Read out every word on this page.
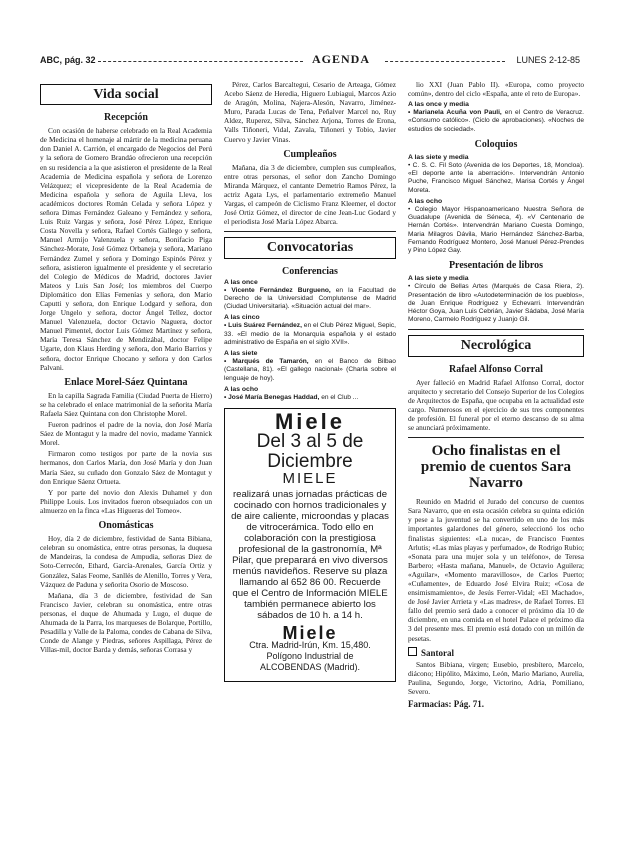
ABC, pág. 32	AGENDA	LUNES 2-12-85
Vida social
Recepción

Con ocasión de haberse celebrado en la Real Academia de Medicina el homenaje al mártir de la medicina peruana don Daniel A. Carrión, el encargado de Negocios del Perú y la señora de Gomero Brandáo ofrecieron una recepción en su residencia a la que asistieron el presidente de la Real Academia de Medicina española y señora de Lorenzo Velázquez; el vicepresidente de la Real Academia de Medicina española y señora de Aguila Lleva, los académicos doctores Román Celada y señora López y señora Dimas Fernández Galeano y Fernández y señora, Luis Ruiz Vargas y señora, José Pérez López, Enrique Costa Novella y señora, Rafael Cortés Gallego y señora, Manuel Armijo Valenzuela y señora, Bonifacio Piga Sánchez-Morate, José Gómez Orbaneja y señora, Mariano Fernández Zumel y señora y Domingo Espinós Pérez y señora, asistieron igualmente el presidente y el secretario del Colegio de Médicos de Madrid, doctores Javier Mateos y Luis San José; los miembros del Cuerpo Diplomático don Elías Femenías y señora, don Mario Caputti y señora, don Enrique Lodgard y señora, don Jorge Ungelo y señora, doctor Ángel Tellez, doctor Manuel Valenzuela, doctor Octavio Naguera, doctor Manuel Pimentel, doctor Luis Gómez Martínez y señora, María Teresa Sánchez de Mendizábal, doctor Felipe Ugarte, don Klaus Herding y señora, don Mario Barrios y señora, doctor Enrique Chocano y señora y don Carlos Palvani.

Enlace Morel-Sáez Quintana

En la capilla Sagrada Familia (Ciudad Puerta de Hierro) se ha celebrado el enlace matrimonial de la señorita María Rafaela Sáez Quintana con don Christophe Morel.

Fueron padrinos el padre de la novia, don José María Sáez de Montagut y la madre del novio, madame Yannick Morel.

Firmaron como testigos por parte de la novia sus hermanos, don Carlos María, don José María y don Juan María Sáez, su cuñado don Gonzalo Sáez de Montagut y don Enrique Sáenz Ortueta.

Y por parte del novio don Alexis Duhamel y don Philippe Louis. Los invitados fueron obsequiados con un almuerzo en la finca «Las Higueras del Tomeo».

Onomásticas

Hoy, día 2 de diciembre, festividad de Santa Bibiana, celebran su onomástica, entre otras personas, la duquesa de Mandeiras, la condesa de Ampudia, señoras Diez de Soto-Cerrecón, Ethard, García-Arenales, García Ortiz y González, Salas Feome, Sanllés de Alenillo, Torres y Vera, Vázquez de Paduna y señorita Osorio de Moscoso.

Mañana, día 3 de diciembre, festividad de San Francisco Javier, celebran su onomástica, entre otras personas, el duque de Ahumada y Lugo, el duque de Ahumada de la Parra, los marqueses de Bolarque, Portillo, Pesadilla y Valle de la Paloma, condes de Cabana de Silva, Conde de Alange y Piedras, señores Aspillaga, Pérez de Villas-mil, doctor Barda y demás, señoras Corrasa y

Pérez, Carlos Barcaltegui, Cesario de Arteaga, Gómez Acebo Sáenz de Heredia, Higuero Lubiagui, Marcos Azio de Aragón, Molina, Najera-Alesón, Navarro, Jiménez-Muro, Parada Lucas de Tena, Peñalver Marcel no, Ruy Aldez, Ruperez, Silva, Sánchez Arjona, Torres de Erona, Valls Tiñoneri, Vidal, Zavala, Tiñoneri y Tobio, Javier Cuervo y Javier Vinas.

Cumpleaños

Mañana, día 3 de diciembre, cumplen sus cumpleaños, entre otras personas, el señor don Zancho Domingo Miranda Márquez, el cantante Demetrio Ramos Pérez, la actriz Agata Lys, el parlamentario extremeño Manuel Vargas, el campeón de Ciclismo Franz Kleemer, el doctor José Ortiz Gómez, el director de cine Jean-Luc Godard y el periodista José María López Abarca.

Convocatorias
Conferencias
A las once
• Vicente Fernández Burgueno, en la Facultad de Derecho de la Universidad Complutense de Madrid (Ciudad Universitaria). «Situación actual del mar».
A las cinco
• Luis Suárez Fernández, en el Club Pérez Miguel, Sepic, 33. «El medio de la Monarquía española y el estado administrativo de España en el siglo XVII».
A las siete
• Marqués de Tamarón, en el Banco de Bilbao (Castellana, 81). «El gallego nacional» (Charla sobre el lenguaje de hoy).
A las ocho
• José María Benegas Haddad, en el Club ...
Miele
Del 3 al 5 de Diciembre
MIELE
realizará unas jornadas prácticas de cocinado con hornos tradicionales y de aire caliente, microondas y placas de vitrocerámica. Todo ello en colaboración con la prestigiosa profesional de la gastronomía, Mª Pilar, que preparará en vivo diversos menús navideños. Reserve su plaza llamando al 652 86 00. Recuerde que el Centro de Información MIELE también permanece abierto los sábados de 10 h. a 14 h.
Miele
Ctra. Madrid-Irún, Km. 15,480.
Polígono Industrial de
ALCOBENDAS (Madrid).

lio XXI (Juan Pablo II). «Europa, como proyecto común», dentro del ciclo «España, ante el reto de Europa».

A las once y media
• Marianela Acuña von Pauli, en el Centro de Veracruz. «Consumo católico». (Ciclo de aprobaciones). «Noches de estudios de sociedad».
Coloquios
A las siete y media
• C. S. C. Fil Soto (Avenida de los Deportes, 18, Moncloa). «El deporte ante la aberración». Intervendrán Antonio Puche, Francisco Miguel Sánchez, Marisa Cortés y Ángel Moreta.
A las ocho
• Colegio Mayor Hispanoamericano Nuestra Señora de Guadalupe (Avenida de Séneca, 4). «V Centenario de Hernán Cortés». Intervendrán Mariano Cuesta Domingo, Maria Milagros Dávila, Mario Hernández Sánchez-Barba, Fernando Rodríguez Montero, José Manuel Pérez-Prendes y Pino López Gay.
Presentación de libros
A las siete y media
• Círculo de Bellas Artes (Marqués de Casa Riera, 2). Presentación de libro «Autodeterminación de los pueblos», de Juan Enrique Rodríguez y Echevarri. Intervendrán Héctor Goya, Juan Luis Cebrián, Javier Sádaba, José María Moreno, Carmelo Rodríguez y Juanjo Gil.
Necrológica
Rafael Alfonso Corral

Ayer falleció en Madrid Rafael Alfonso Corral, doctor arquitecto y secretario del Consejo Superior de los Colegios de Arquitectos de España, que ocupaba en la actualidad este cargo. Numerosos en el ejercicio de sus tres componentes de profesión. El funeral por el eterno descanso de su alma se anunciará próximamente.

Ocho finalistas en el premio de cuentos Sara Navarro

Reunido en Madrid el Jurado del concurso de cuentos Sara Navarro, que en esta ocasión celebra su quinta edición y pese a la juventud se ha convertido en uno de los más importantes galardones del género, seleccionó los ocho finalistas siguientes: «La nuca», de Francisco Fuentes Arlutis; «Las mías playas y perfumado», de Rodrigo Rubio; «Sonata para una mujer sola y un teléfono», de Teresa Barbero; «Hasta mañana, Manuel», de Octavio Aguilera; «Aguilar», «Momento maravilloso», de Carlos Puerto; «Cuñamente», de Eduardo José Elvira Ruiz; «Cosa de ensimismamiento», de Jesús Ferrer-Vidal; «El Machado», de José Javier Arrieta y «Las madres», de Rafael Torres. El fallo del premio será dado a conocer el próximo día 10 de diciembre, en una comida en el hotel Palace el próximo día 3 del presente mes. El premio está dotado con un millón de pesetas.

Santoral

Santos Bibiana, virgen; Eusebio, presbítero, Marcelo, diácono; Hipólito, Máximo, León, Mario Mariano, Aurelia, Paulina, Segundo, Jorge, Victorino, Adria, Pomiliano, Severo.

Farmacias: Pág. 71.
